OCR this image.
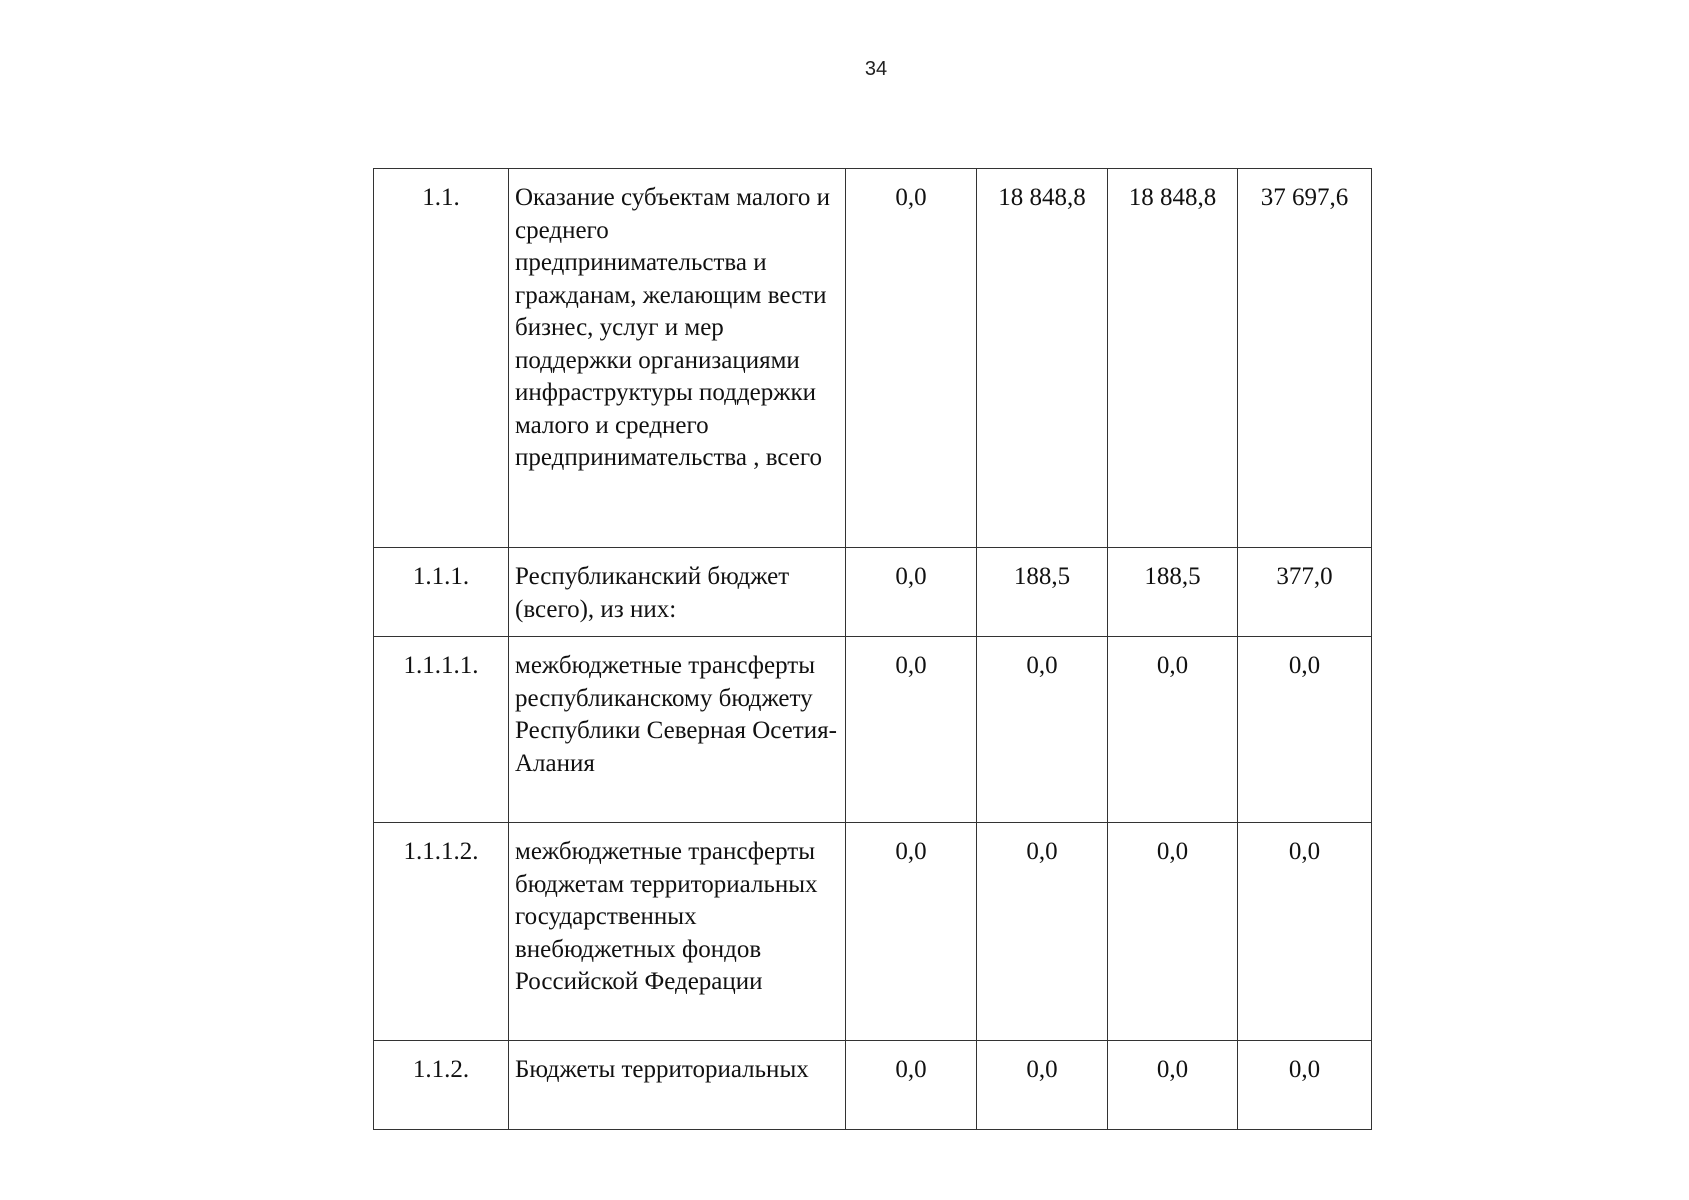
34
1.1.	Оказание субъектам малого и среднего предпринимательства и гражданам, желающим вести бизнес, услуг и мер поддержки организациями инфраструктуры поддержки малого и среднего предпринимательства , всего	0,0	18 848,8	18 848,8	37 697,6
1.1.1.	Республиканский бюджет (всего), из них:	0,0	188,5	188,5	377,0
1.1.1.1.	межбюджетные трансферты республиканскому бюджету Республики Северная Осетия-Алания	0,0	0,0	0,0	0,0
1.1.1.2.	межбюджетные трансферты бюджетам территориальных государственных внебюджетных фондов Российской Федерации	0,0	0,0	0,0	0,0
1.1.2.	Бюджеты территориальных	0,0	0,0	0,0	0,0
